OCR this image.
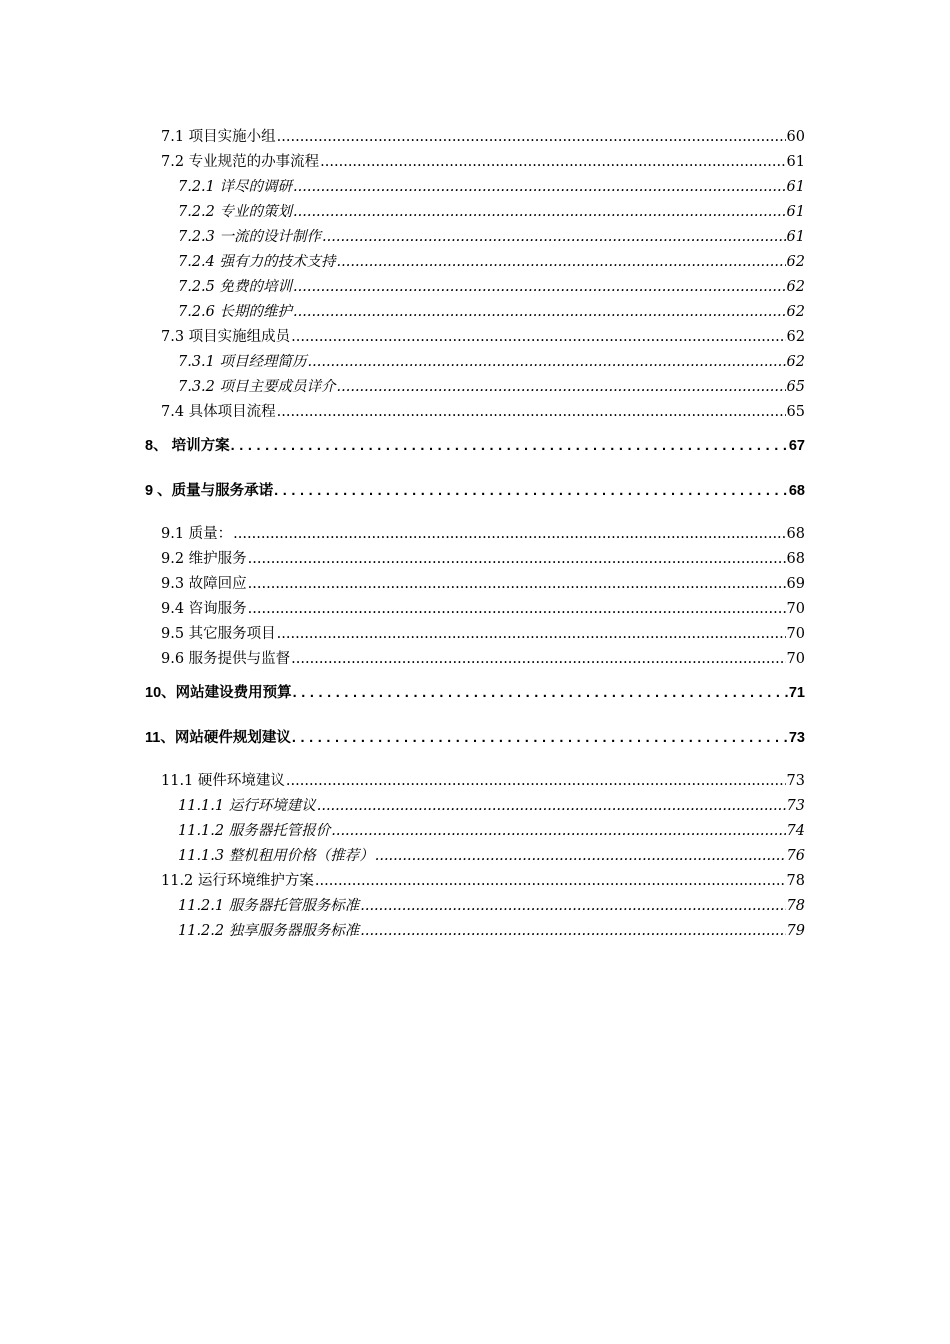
7.1 项目实施小组 .....	60
7.2 专业规范的办事流程 .....	61
7.2.1 详尽的调研 .....	61
7.2.2 专业的策划 .....	61
7.2.3 一流的设计制作 .....	61
7.2.4 强有力的技术支持 .....	62
7.2.5 免费的培训 .....	62
7.2.6 长期的维护 .....	62
7.3 项目实施组成员 .....	62
7.3.1 项目经理简历 .....	62
7.3.2 项目主要成员详介 .....	65
7.4 具体项目流程 .....	65
8、 培训方案 .....	67
9 、质量与服务承诺 .....	68
9.1 质量： .....	68
9.2 维护服务 .....	68
9.3 故障回应 .....	69
9.4 咨询服务 .....	70
9.5 其它服务项目 .....	70
9.6 服务提供与监督 .....	70
10、网站建设费用预算 .....	71
11、网站硬件规划建议 .....	73
11.1 硬件环境建议 .....	73
11.1.1 运行环境建议 .....	73
11.1.2 服务器托管报价 .....	74
11.1.3 整机租用价格（推荐） .....	76
11.2 运行环境维护方案 .....	78
11.2.1 服务器托管服务标准 .....	78
11.2.2 独享服务器服务标准 .....	79
